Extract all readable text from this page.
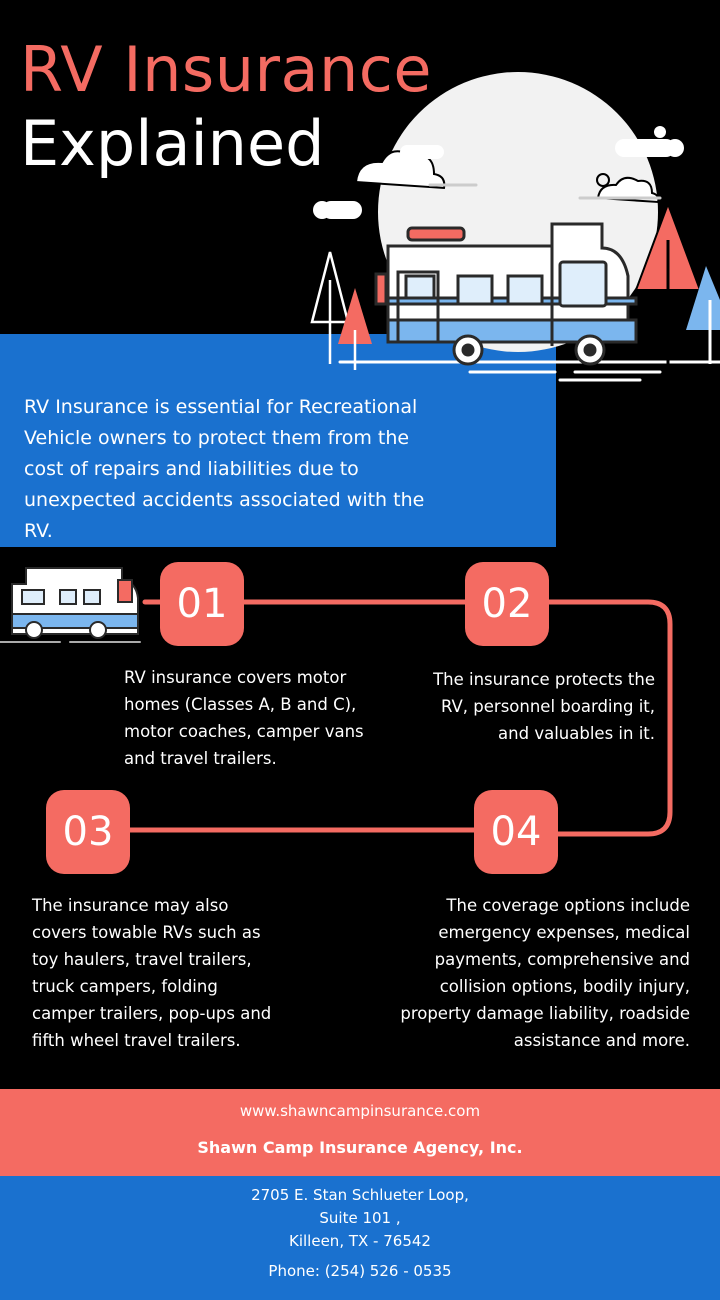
RV Insurance
Explained
RV Insurance is essential for Recreational Vehicle owners to protect them from the cost of repairs and liabilities due to unexpected accidents associated with the RV.
01	02
03	04
RV insurance covers motor homes (Classes A, B and C), motor coaches, camper vans and travel trailers.
The insurance protects the RV, personnel boarding it, and valuables in it.
The insurance may also covers towable RVs such as toy haulers, travel trailers, truck campers, folding camper trailers, pop-ups and fifth wheel travel trailers.
The coverage options include emergency expenses, medical payments, comprehensive and collision options, bodily injury, property damage liability, roadside assistance and more.
www.shawncampinsurance.com
Shawn Camp Insurance Agency, Inc.
2705 E. Stan Schlueter Loop,
Suite 101 ,
Killeen, TX - 76542
Phone: (254) 526 - 0535
